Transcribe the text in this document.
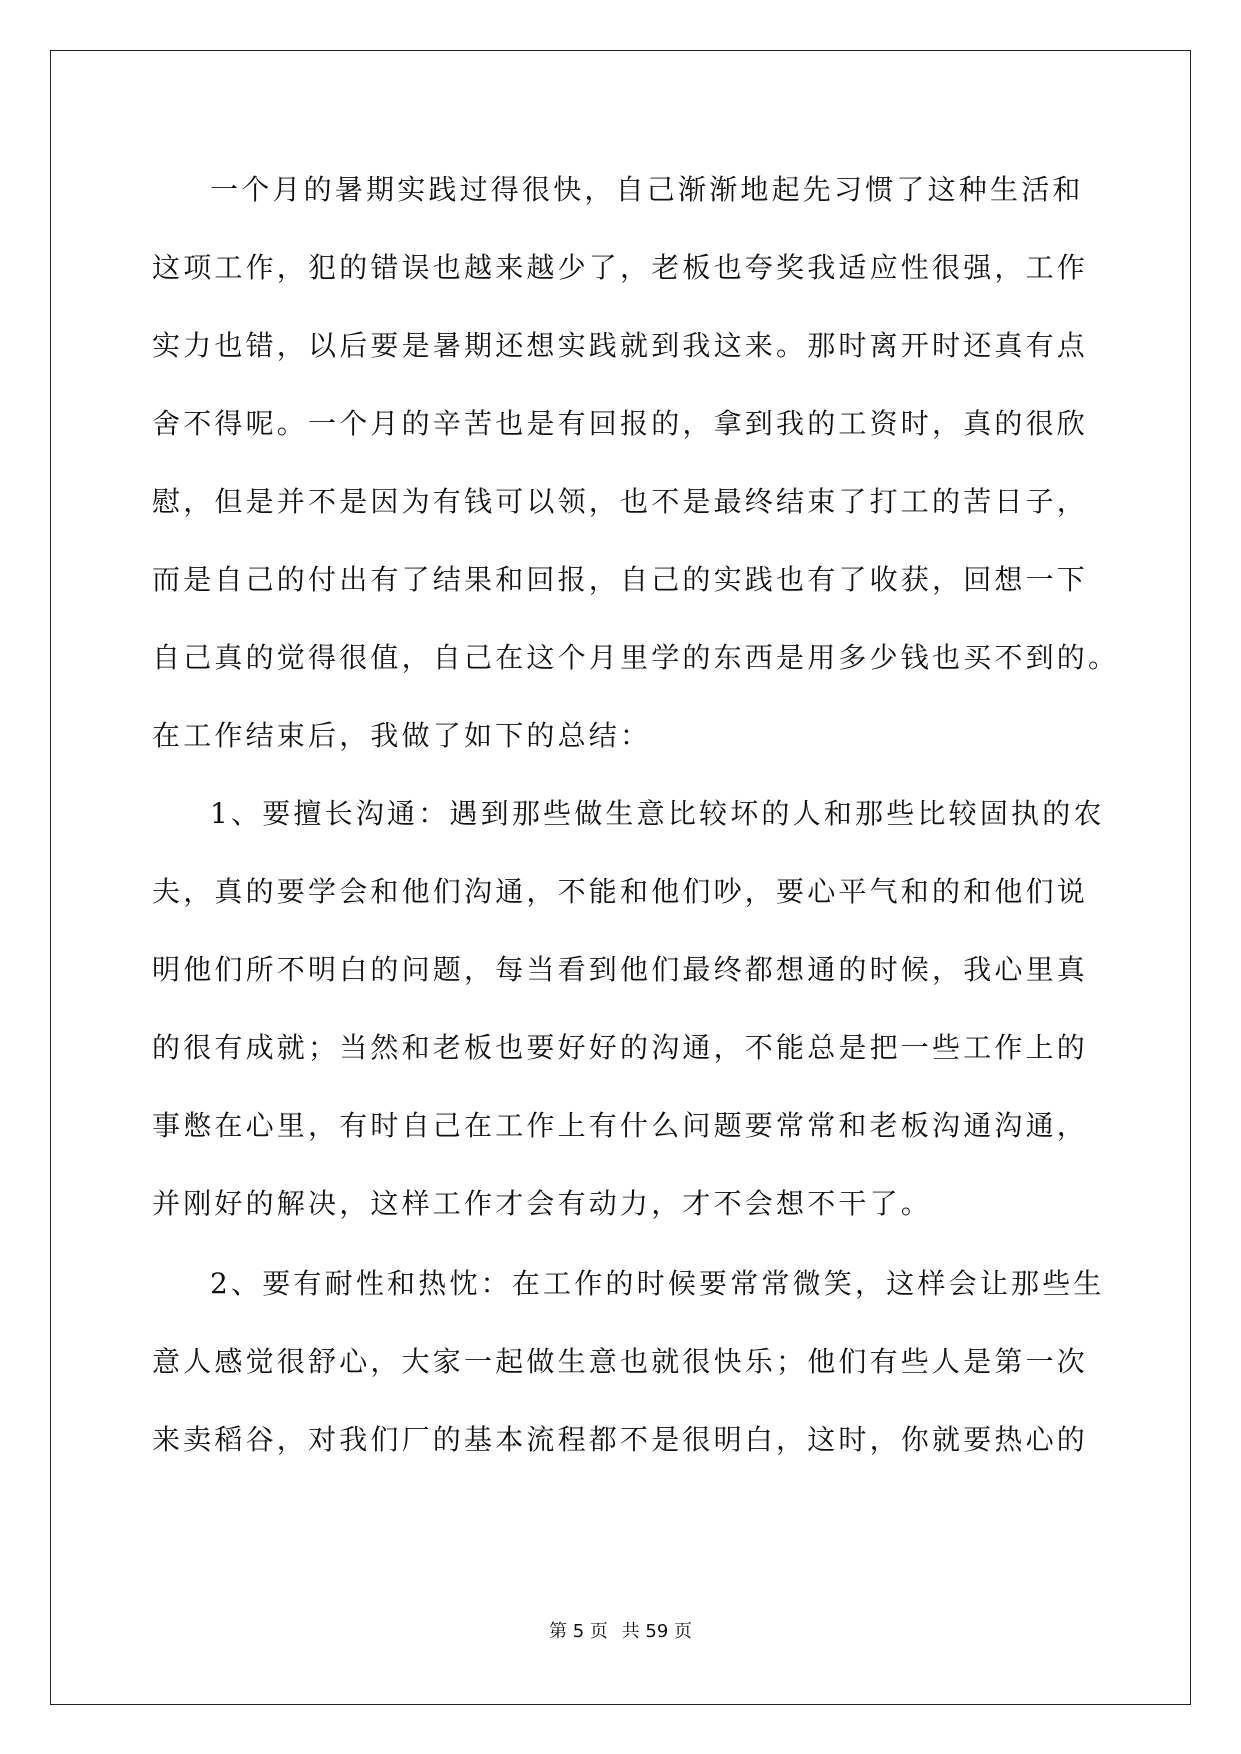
一个月的暑期实践过得很快，自己渐渐地起先习惯了这种生活和
这项工作，犯的错误也越来越少了，老板也夸奖我适应性很强，工作
实力也错，以后要是暑期还想实践就到我这来。那时离开时还真有点
舍不得呢。一个月的辛苦也是有回报的，拿到我的工资时，真的很欣
慰，但是并不是因为有钱可以领，也不是最终结束了打工的苦日子，
而是自己的付出有了结果和回报，自己的实践也有了收获，回想一下
自己真的觉得很值，自己在这个月里学的东西是用多少钱也买不到的。
在工作结束后，我做了如下的总结：
1、要擅长沟通：遇到那些做生意比较坏的人和那些比较固执的农
夫，真的要学会和他们沟通，不能和他们吵，要心平气和的和他们说
明他们所不明白的问题，每当看到他们最终都想通的时候，我心里真
的很有成就；当然和老板也要好好的沟通，不能总是把一些工作上的
事憋在心里，有时自己在工作上有什么问题要常常和老板沟通沟通，
并刚好的解决，这样工作才会有动力，才不会想不干了。
2、要有耐性和热忱：在工作的时候要常常微笑，这样会让那些生
意人感觉很舒心，大家一起做生意也就很快乐；他们有些人是第一次
来卖稻谷，对我们厂的基本流程都不是很明白，这时，你就要热心的
第 5 页 共 59 页
